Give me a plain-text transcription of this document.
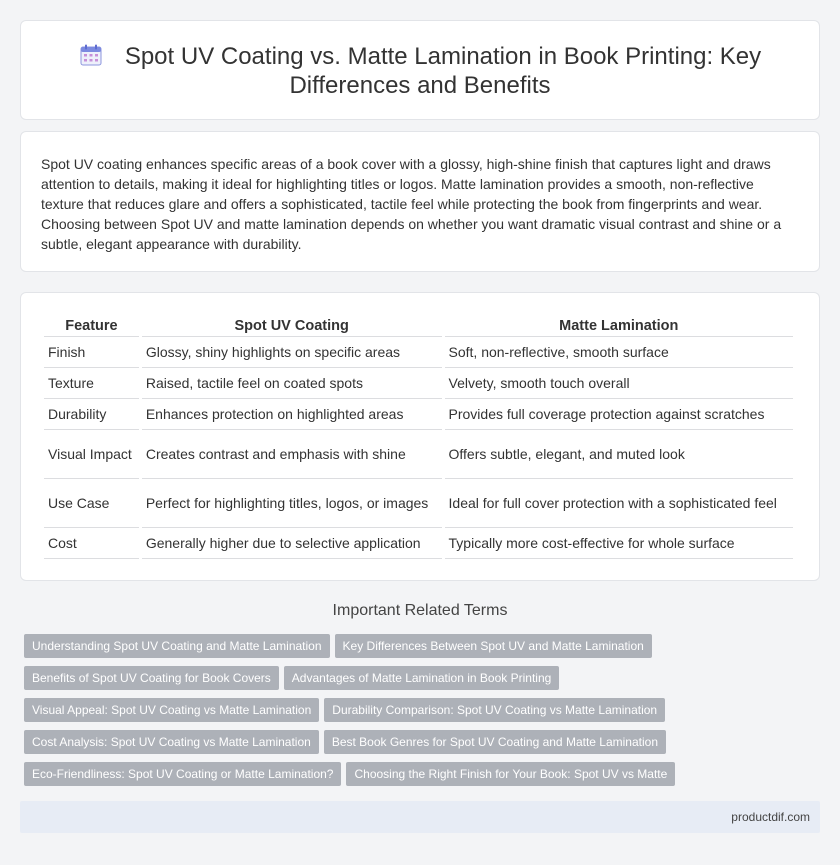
Spot UV Coating vs. Matte Lamination in Book Printing: Key
Differences and Benefits

Spot UV coating enhances specific areas of a book cover with a glossy, high-shine finish that captures light and draws attention to details, making it ideal for highlighting titles or logos. Matte lamination provides a smooth, non-reflective texture that reduces glare and offers a sophisticated, tactile feel while protecting the book from fingerprints and wear. Choosing between Spot UV and matte lamination depends on whether you want dramatic visual contrast and shine or a subtle, elegant appearance with durability.

Feature	Spot UV Coating	Matte Lamination
Finish	Glossy, shiny highlights on specific areas	Soft, non-reflective, smooth surface
Texture	Raised, tactile feel on coated spots	Velvety, smooth touch overall
Durability	Enhances protection on highlighted areas	Provides full coverage protection against scratches
Visual Impact	Creates contrast and emphasis with shine	Offers subtle, elegant, and muted look
Use Case	Perfect for highlighting titles, logos, or images	Ideal for full cover protection with a sophisticated feel
Cost	Generally higher due to selective application	Typically more cost-effective for whole surface
Important Related Terms
Understanding Spot UV Coating and Matte Lamination Key Differences Between Spot UV and Matte Lamination
Benefits of Spot UV Coating for Book Covers Advantages of Matte Lamination in Book Printing
Visual Appeal: Spot UV Coating vs Matte Lamination Durability Comparison: Spot UV Coating vs Matte Lamination
Cost Analysis: Spot UV Coating vs Matte Lamination Best Book Genres for Spot UV Coating and Matte Lamination
Eco-Friendliness: Spot UV Coating or Matte Lamination? Choosing the Right Finish for Your Book: Spot UV vs Matte
productdif.com
